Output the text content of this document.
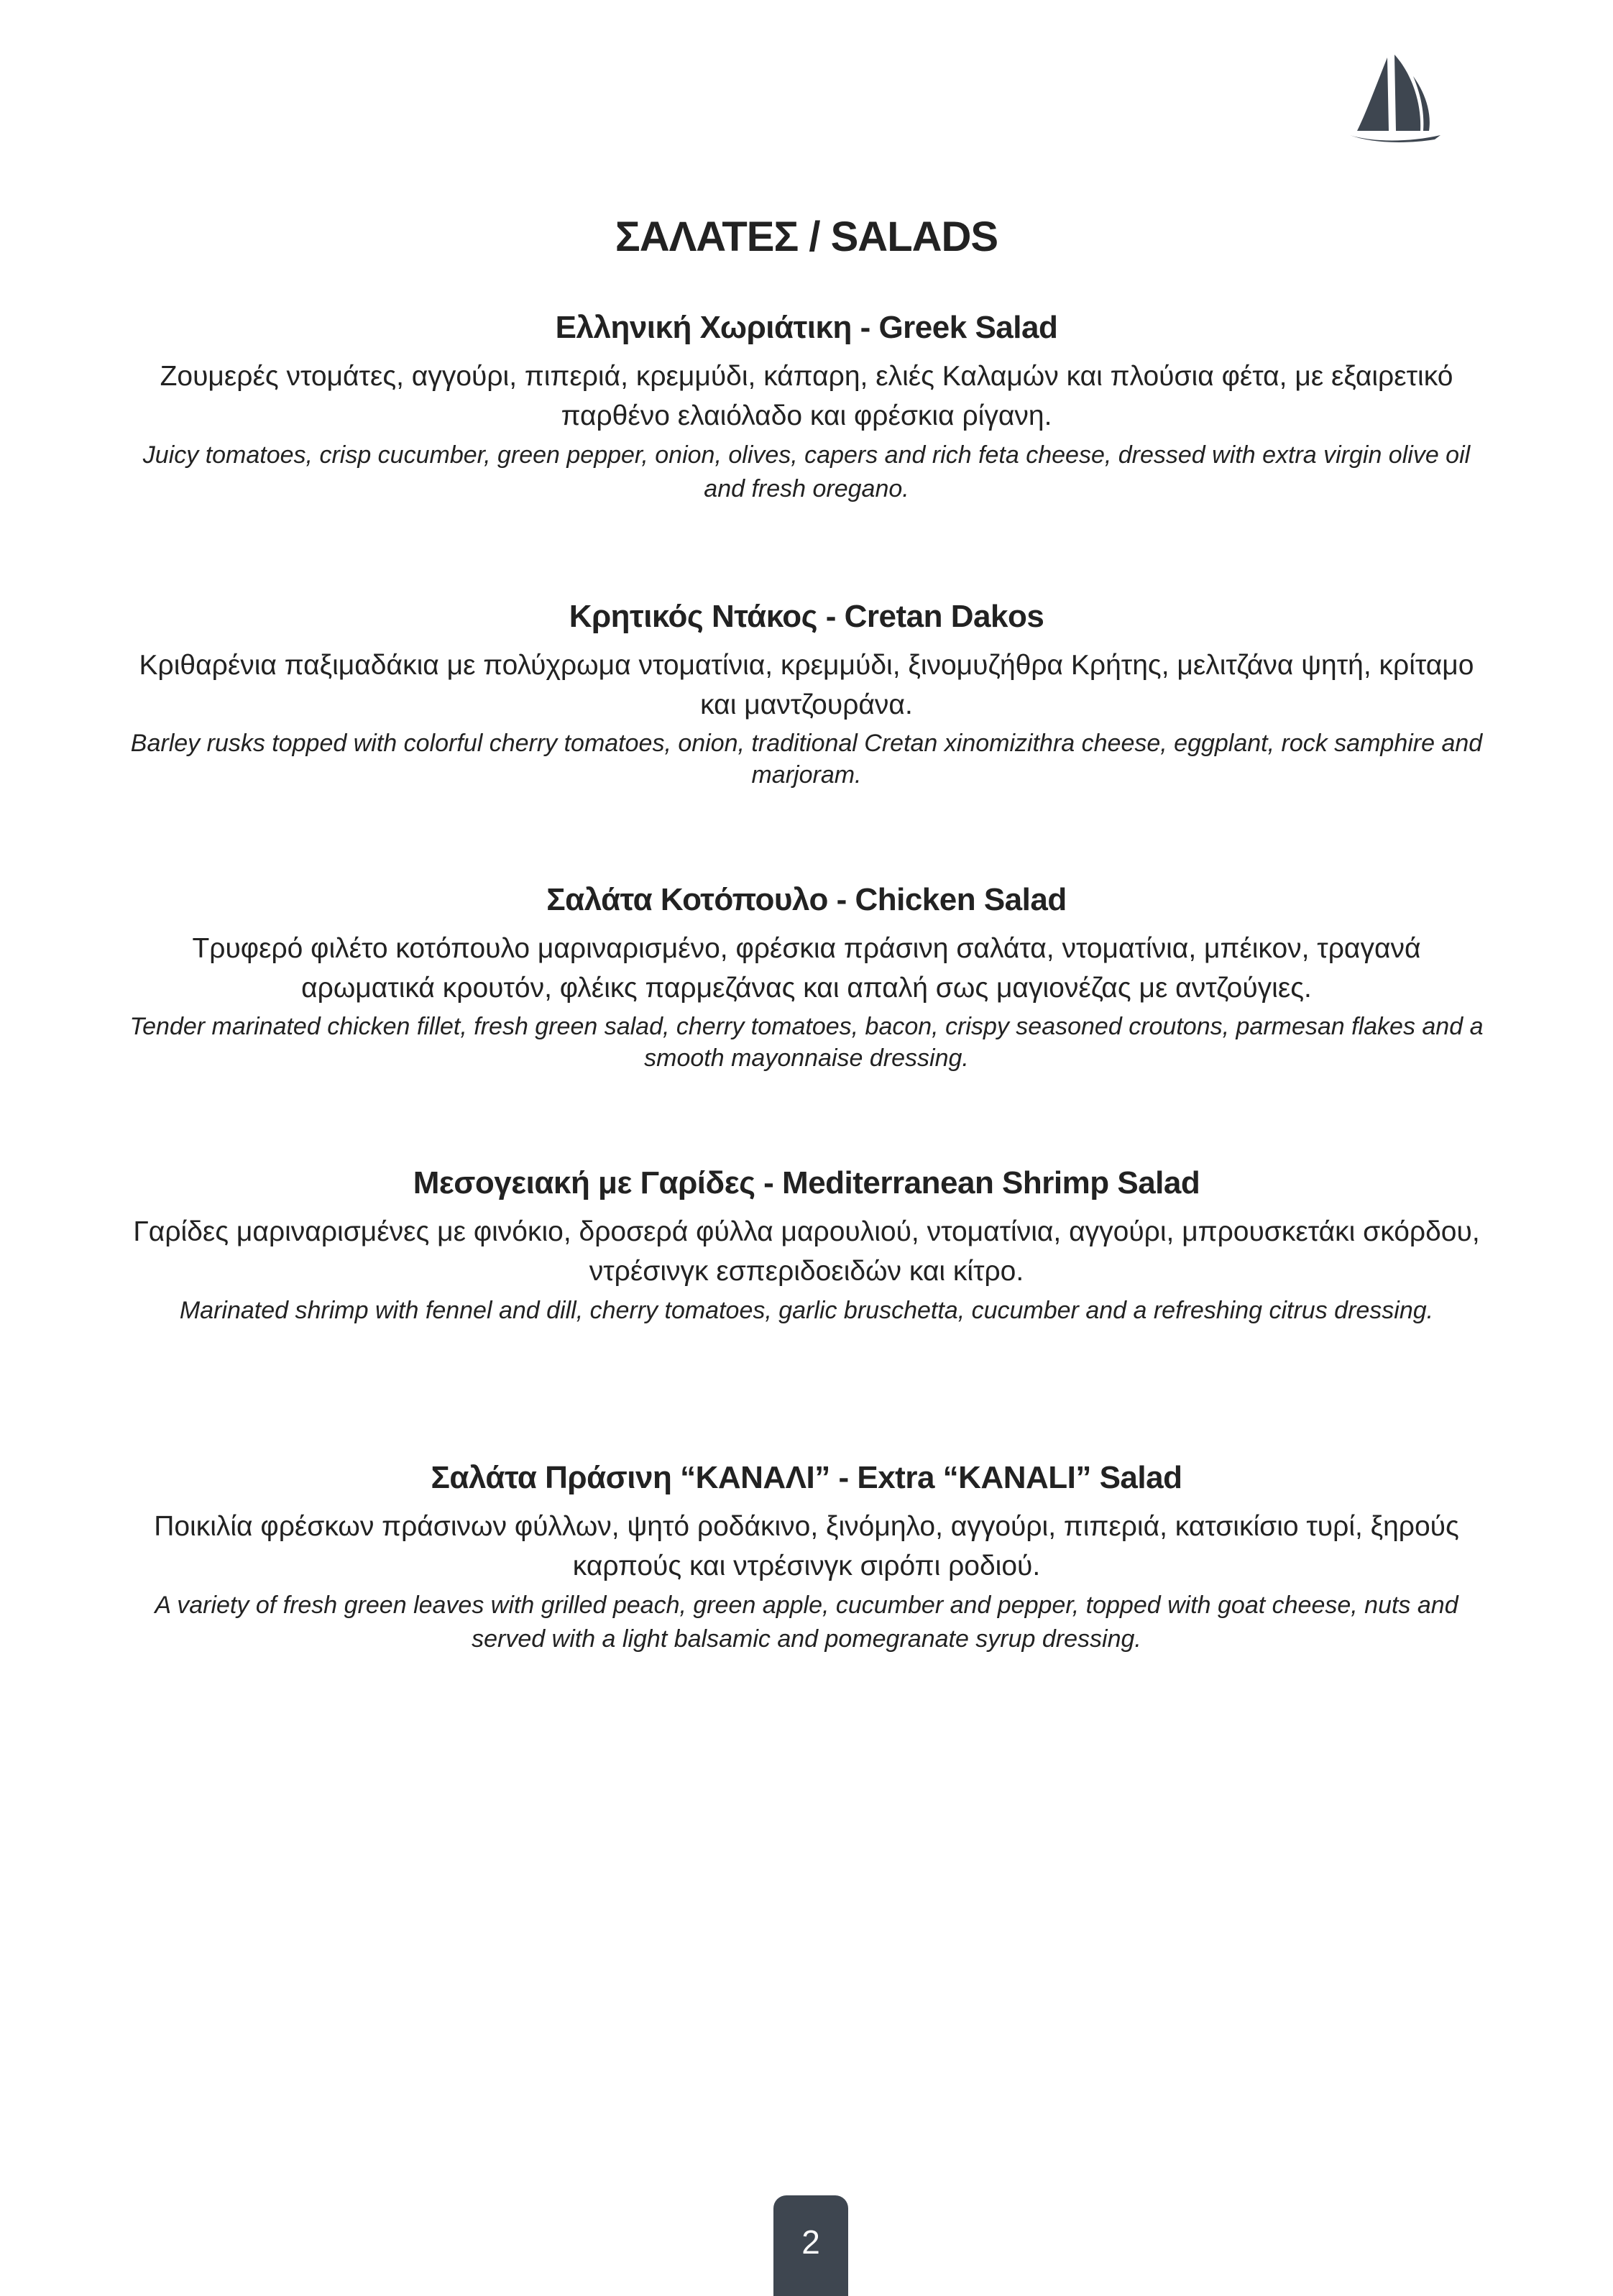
ΣΑΛΑΤΕΣ / SALADS
Ελληνική Χωριάτικη - Greek Salad

Ζουμερές ντομάτες, αγγούρι, πιπεριά, κρεμμύδι, κάπαρη, ελιές Καλαμών και πλούσια φέτα, με εξαιρετικό παρθένο ελαιόλαδο και φρέσκια ρίγανη.

Juicy tomatoes, crisp cucumber, green pepper, onion, olives, capers and rich feta cheese, dressed with extra virgin olive oil and fresh oregano.

Κρητικός Ντάκος - Cretan Dakos

Κριθαρένια παξιμαδάκια με πολύχρωμα ντοματίνια, κρεμμύδι, ξινομυζήθρα Κρήτης, μελιτζάνα ψητή, κρίταμο και μαντζουράνα.

Barley rusks topped with colorful cherry tomatoes, onion, traditional Cretan xinomizithra cheese, eggplant, rock samphire and marjoram.

Σαλάτα Κοτόπουλο - Chicken Salad

Τρυφερό φιλέτο κοτόπουλο μαριναρισμένο, φρέσκια πράσινη σαλάτα, ντοματίνια, μπέικον, τραγανά αρωματικά κρουτόν, φλέικς παρμεζάνας και απαλή σως μαγιονέζας με αντζούγιες.

Tender marinated chicken fillet, fresh green salad, cherry tomatoes, bacon, crispy seasoned croutons, parmesan flakes and a smooth mayonnaise dressing.

Μεσογειακή με Γαρίδες - Mediterranean Shrimp Salad

Γαρίδες μαριναρισμένες με φινόκιο, δροσερά φύλλα μαρουλιού, ντοματίνια, αγγούρι, μπρουσκετάκι σκόρδου, ντρέσινγκ εσπεριδοειδών και κίτρο.

Marinated shrimp with fennel and dill, cherry tomatoes, garlic bruschetta, cucumber and a refreshing citrus dressing.

Σαλάτα Πράσινη “ΚΑΝΑΛΙ” - Extra “KANALI” Salad

Ποικιλία φρέσκων πράσινων φύλλων, ψητό ροδάκινο, ξινόμηλο, αγγούρι, πιπεριά, κατσικίσιο τυρί, ξηρούς καρπούς και ντρέσινγκ σιρόπι ροδιού.

A variety of fresh green leaves with grilled peach, green apple, cucumber and pepper, topped with goat cheese, nuts and served with a light balsamic and pomegranate syrup dressing.

2
